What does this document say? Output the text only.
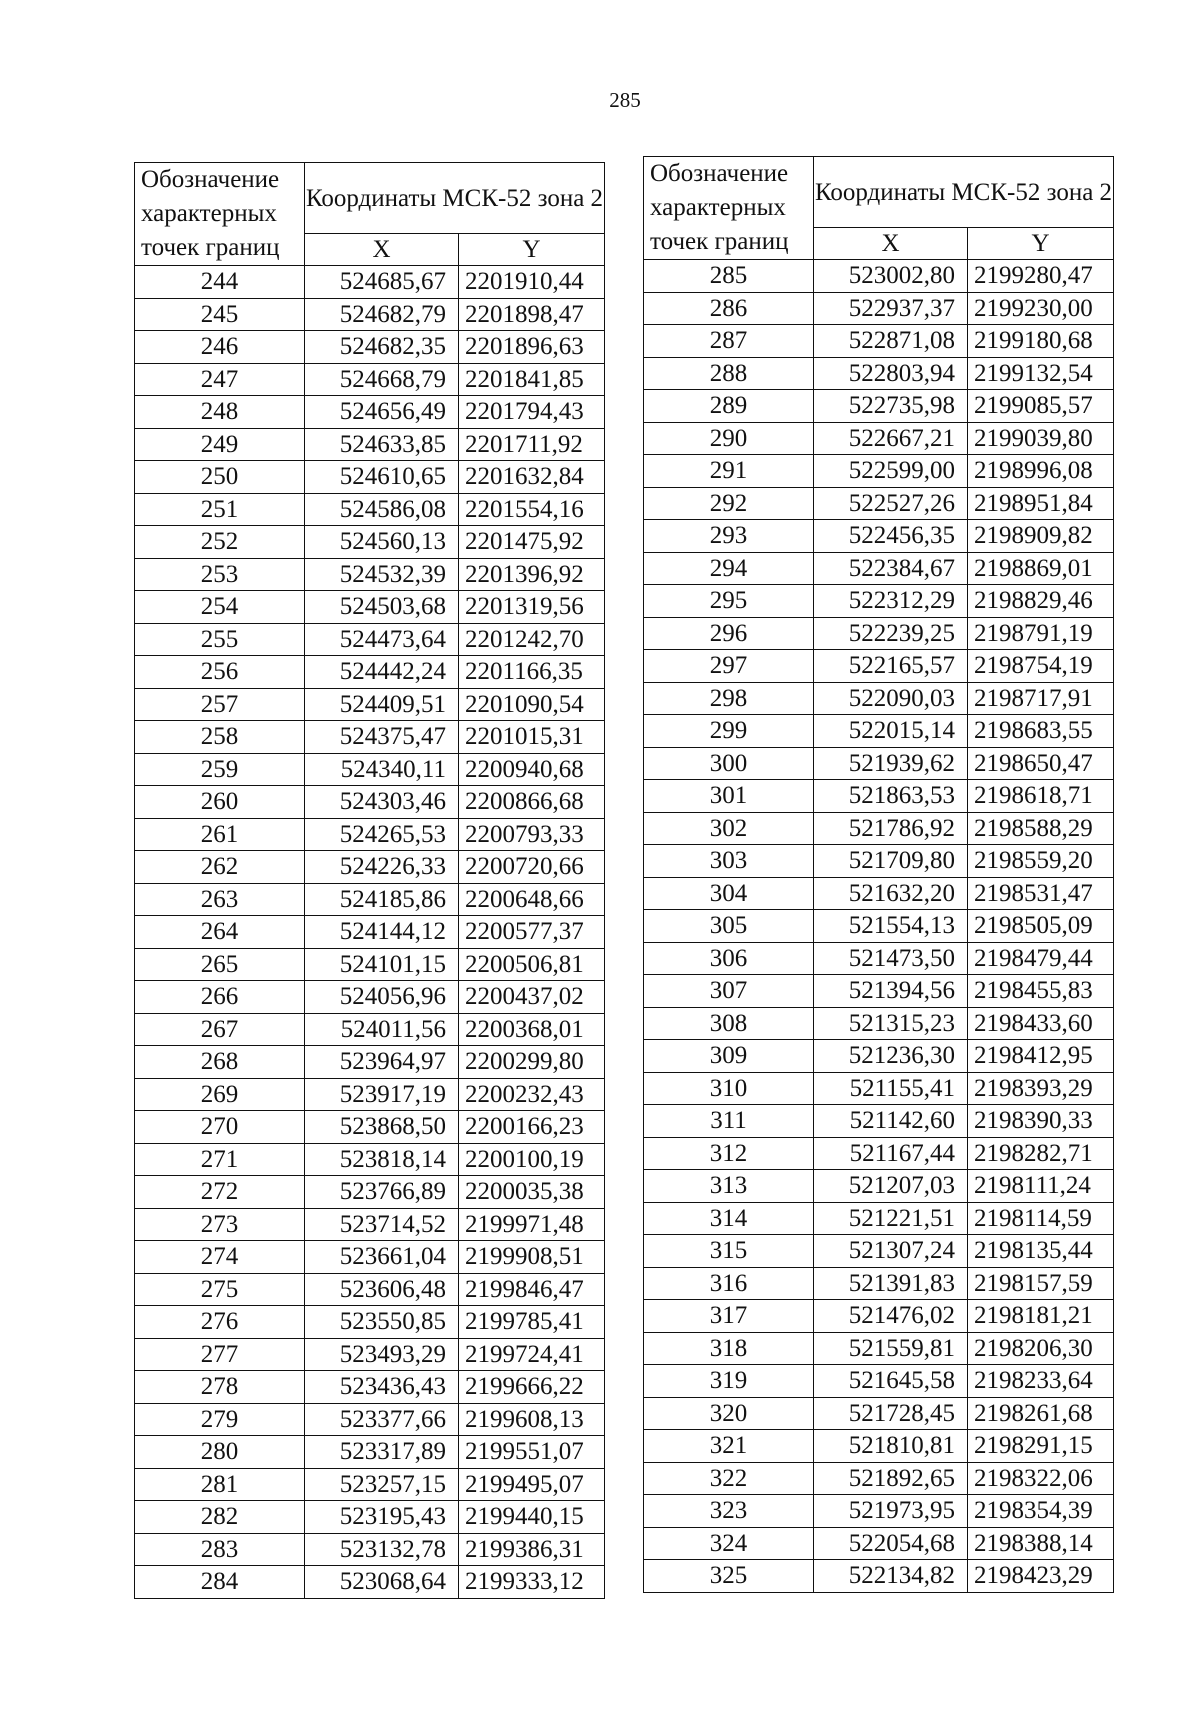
285
Обозначение характерных точек границ	Координаты МСК-52 зона 2	
	X	Y
244	524685,67	2201910,44
245	524682,79	2201898,47
246	524682,35	2201896,63
247	524668,79	2201841,85
248	524656,49	2201794,43
249	524633,85	2201711,92
250	524610,65	2201632,84
251	524586,08	2201554,16
252	524560,13	2201475,92
253	524532,39	2201396,92
254	524503,68	2201319,56
255	524473,64	2201242,70
256	524442,24	2201166,35
257	524409,51	2201090,54
258	524375,47	2201015,31
259	524340,11	2200940,68
260	524303,46	2200866,68
261	524265,53	2200793,33
262	524226,33	2200720,66
263	524185,86	2200648,66
264	524144,12	2200577,37
265	524101,15	2200506,81
266	524056,96	2200437,02
267	524011,56	2200368,01
268	523964,97	2200299,80
269	523917,19	2200232,43
270	523868,50	2200166,23
271	523818,14	2200100,19
272	523766,89	2200035,38
273	523714,52	2199971,48
274	523661,04	2199908,51
275	523606,48	2199846,47
276	523550,85	2199785,41
277	523493,29	2199724,41
278	523436,43	2199666,22
279	523377,66	2199608,13
280	523317,89	2199551,07
281	523257,15	2199495,07
282	523195,43	2199440,15
283	523132,78	2199386,31
284	523068,64	2199333,12
Обозначение характерных точек границ	Координаты МСК-52 зона 2	
	X	Y
285	523002,80	2199280,47
286	522937,37	2199230,00
287	522871,08	2199180,68
288	522803,94	2199132,54
289	522735,98	2199085,57
290	522667,21	2199039,80
291	522599,00	2198996,08
292	522527,26	2198951,84
293	522456,35	2198909,82
294	522384,67	2198869,01
295	522312,29	2198829,46
296	522239,25	2198791,19
297	522165,57	2198754,19
298	522090,03	2198717,91
299	522015,14	2198683,55
300	521939,62	2198650,47
301	521863,53	2198618,71
302	521786,92	2198588,29
303	521709,80	2198559,20
304	521632,20	2198531,47
305	521554,13	2198505,09
306	521473,50	2198479,44
307	521394,56	2198455,83
308	521315,23	2198433,60
309	521236,30	2198412,95
310	521155,41	2198393,29
311	521142,60	2198390,33
312	521167,44	2198282,71
313	521207,03	2198111,24
314	521221,51	2198114,59
315	521307,24	2198135,44
316	521391,83	2198157,59
317	521476,02	2198181,21
318	521559,81	2198206,30
319	521645,58	2198233,64
320	521728,45	2198261,68
321	521810,81	2198291,15
322	521892,65	2198322,06
323	521973,95	2198354,39
324	522054,68	2198388,14
325	522134,82	2198423,29
